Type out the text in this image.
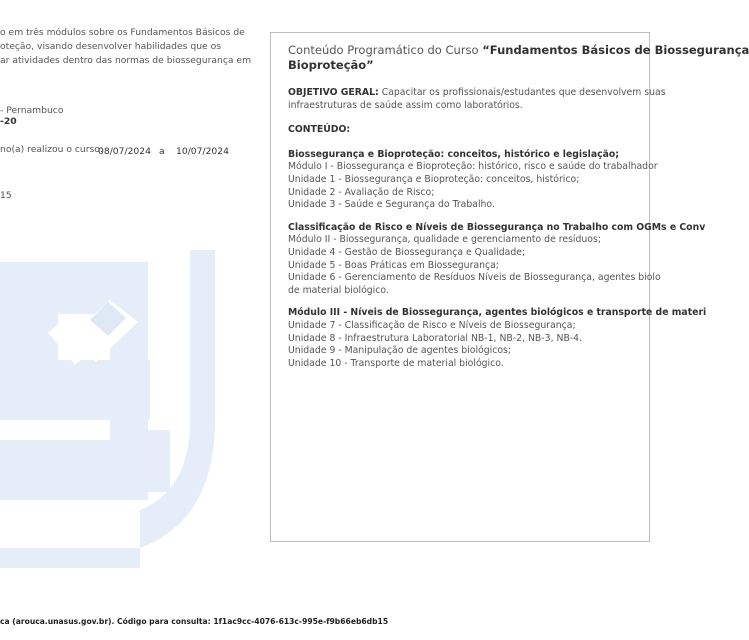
o em três módulos sobre os Fundamentos Básicos de
oteção, visando desenvolver habilidades que os
ar atividades dentro das normas de biossegurança em
- Pernambuco
-20
no(a) realizou o curso:
08/07/2024 a 10/07/2024
15
Conteúdo Programático do Curso “Fundamentos Básicos de Biossegurança
Bioproteção”
OBJETIVO GERAL: Capacitar os profissionais/estudantes que desenvolvem suas
infraestruturas de saúde assim como laboratórios.
CONTEÚDO:
Biossegurança e Bioproteção: conceitos, histórico e legislação;
Módulo I - Biossegurança e Bioproteção: histórico, risco e saúde do trabalhador
Unidade 1 - Biossegurança e Bioproteção: conceitos, histórico;
Unidade 2 - Avaliação de Risco;
Unidade 3 - Saúde e Segurança do Trabalho.
Classificação de Risco e Níveis de Biossegurança no Trabalho com OGMs e Conv
Módulo II - Biossegurança, qualidade e gerenciamento de resíduos;
Unidade 4 - Gestão de Biossegurança e Qualidade;
Unidade 5 - Boas Práticas em Biossegurança;
Unidade 6 - Gerenciamento de Resíduos Níveis de Biossegurança, agentes biolo
de material biológico.
Módulo III - Níveis de Biossegurança, agentes biológicos e transporte de materi
Unidade 7 - Classificação de Risco e Níveis de Biossegurança;
Unidade 8 - Infraestrutura Laboratorial NB-1, NB-2, NB-3, NB-4.
Unidade 9 - Manipulação de agentes biológicos;
Unidade 10 - Transporte de material biológico.
ca (arouca.unasus.gov.br). Código para consulta: 1f1ac9cc-4076-613c-995e-f9b66eb6db15
